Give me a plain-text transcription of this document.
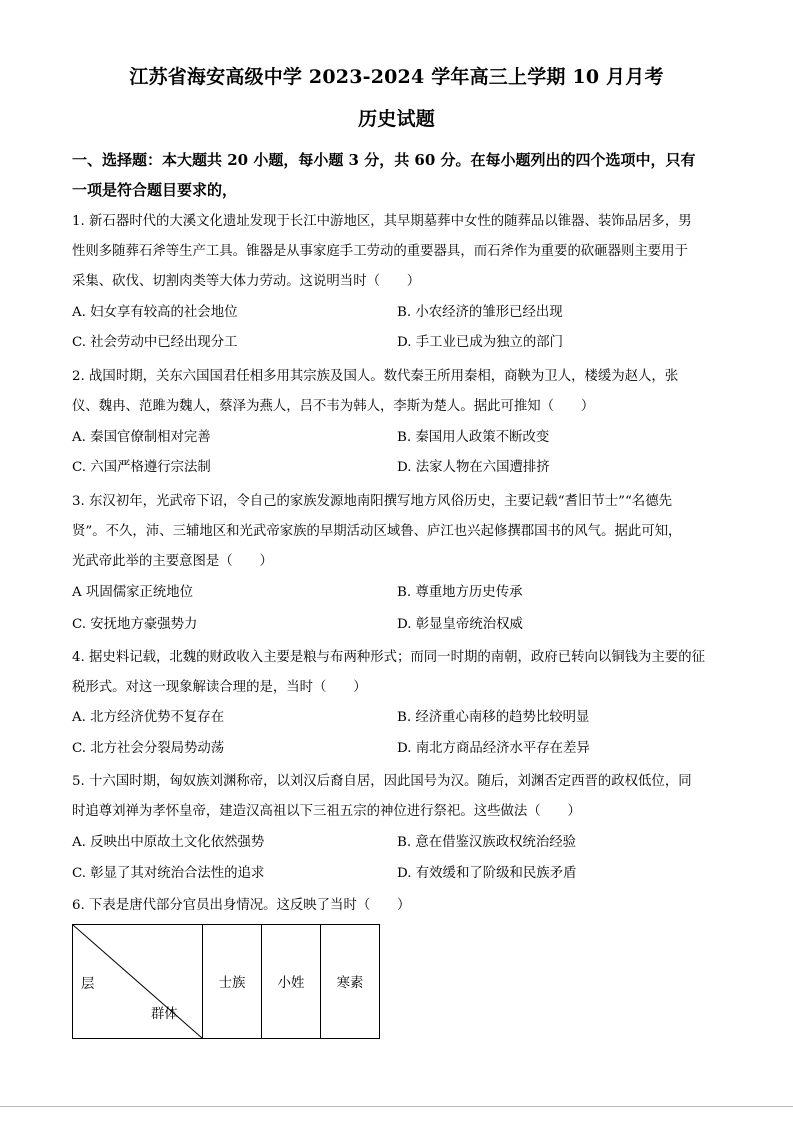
江苏省海安高级中学 2023-2024 学年高三上学期 10 月月考
历史试题
一、选择题：本大题共 20 小题，每小题 3 分，共 60 分。在每小题列出的四个选项中，只有
一项是符合题目要求的，
1. 新石器时代的大溪文化遗址发现于长江中游地区，其早期墓葬中女性的随葬品以锥器、装饰品居多，男
性则多随葬石斧等生产工具。锥器是从事家庭手工劳动的重要器具，而石斧作为重要的砍砸器则主要用于
采集、砍伐、切割肉类等大体力劳动。这说明当时（　　）
A. 妇女享有较高的社会地位	B. 小农经济的雏形已经出现
C. 社会劳动中已经出现分工	D. 手工业已成为独立的部门
2. 战国时期，关东六国国君任相多用其宗族及国人。数代秦王所用秦相，商鞅为卫人，楼缓为赵人，张
仪、魏冉、范雎为魏人，蔡泽为燕人，吕不韦为韩人，李斯为楚人。据此可推知（　　）
A. 秦国官僚制相对完善	B. 秦国用人政策不断改变
C. 六国严格遵行宗法制	D. 法家人物在六国遭排挤
3. 东汉初年，光武帝下诏，令自己的家族发源地南阳撰写地方风俗历史，主要记载“耆旧节士”“名德先
贤”。不久，沛、三辅地区和光武帝家族的早期活动区域鲁、庐江也兴起修撰郡国书的风气。据此可知，
光武帝此举的主要意图是（　　）
A 巩固儒家正统地位	B. 尊重地方历史传承
C. 安抚地方豪强势力	D. 彰显皇帝统治权威
4. 据史料记载，北魏的财政收入主要是粮与布两种形式；而同一时期的南朝，政府已转向以铜钱为主要的征
税形式。对这一现象解读合理的是，当时（　　）
A. 北方经济优势不复存在	B. 经济重心南移的趋势比较明显
C. 北方社会分裂局势动荡	D. 南北方商品经济水平存在差异
5. 十六国时期，匈奴族刘渊称帝，以刘汉后裔自居，因此国号为汉。随后，刘渊否定西晋的政权低位，同
时追尊刘禅为孝怀皇帝，建造汉高祖以下三祖五宗的神位进行祭祀。这些做法（　　）
A. 反映出中原故土文化依然强势	B. 意在借鉴汉族政权统治经验
C. 彰显了其对统治合法性的追求	D. 有效缓和了阶级和民族矛盾
6. 下表是唐代部分官员出身情况。这反映了当时（　　）
层
群体
	士族	小姓	寒素
